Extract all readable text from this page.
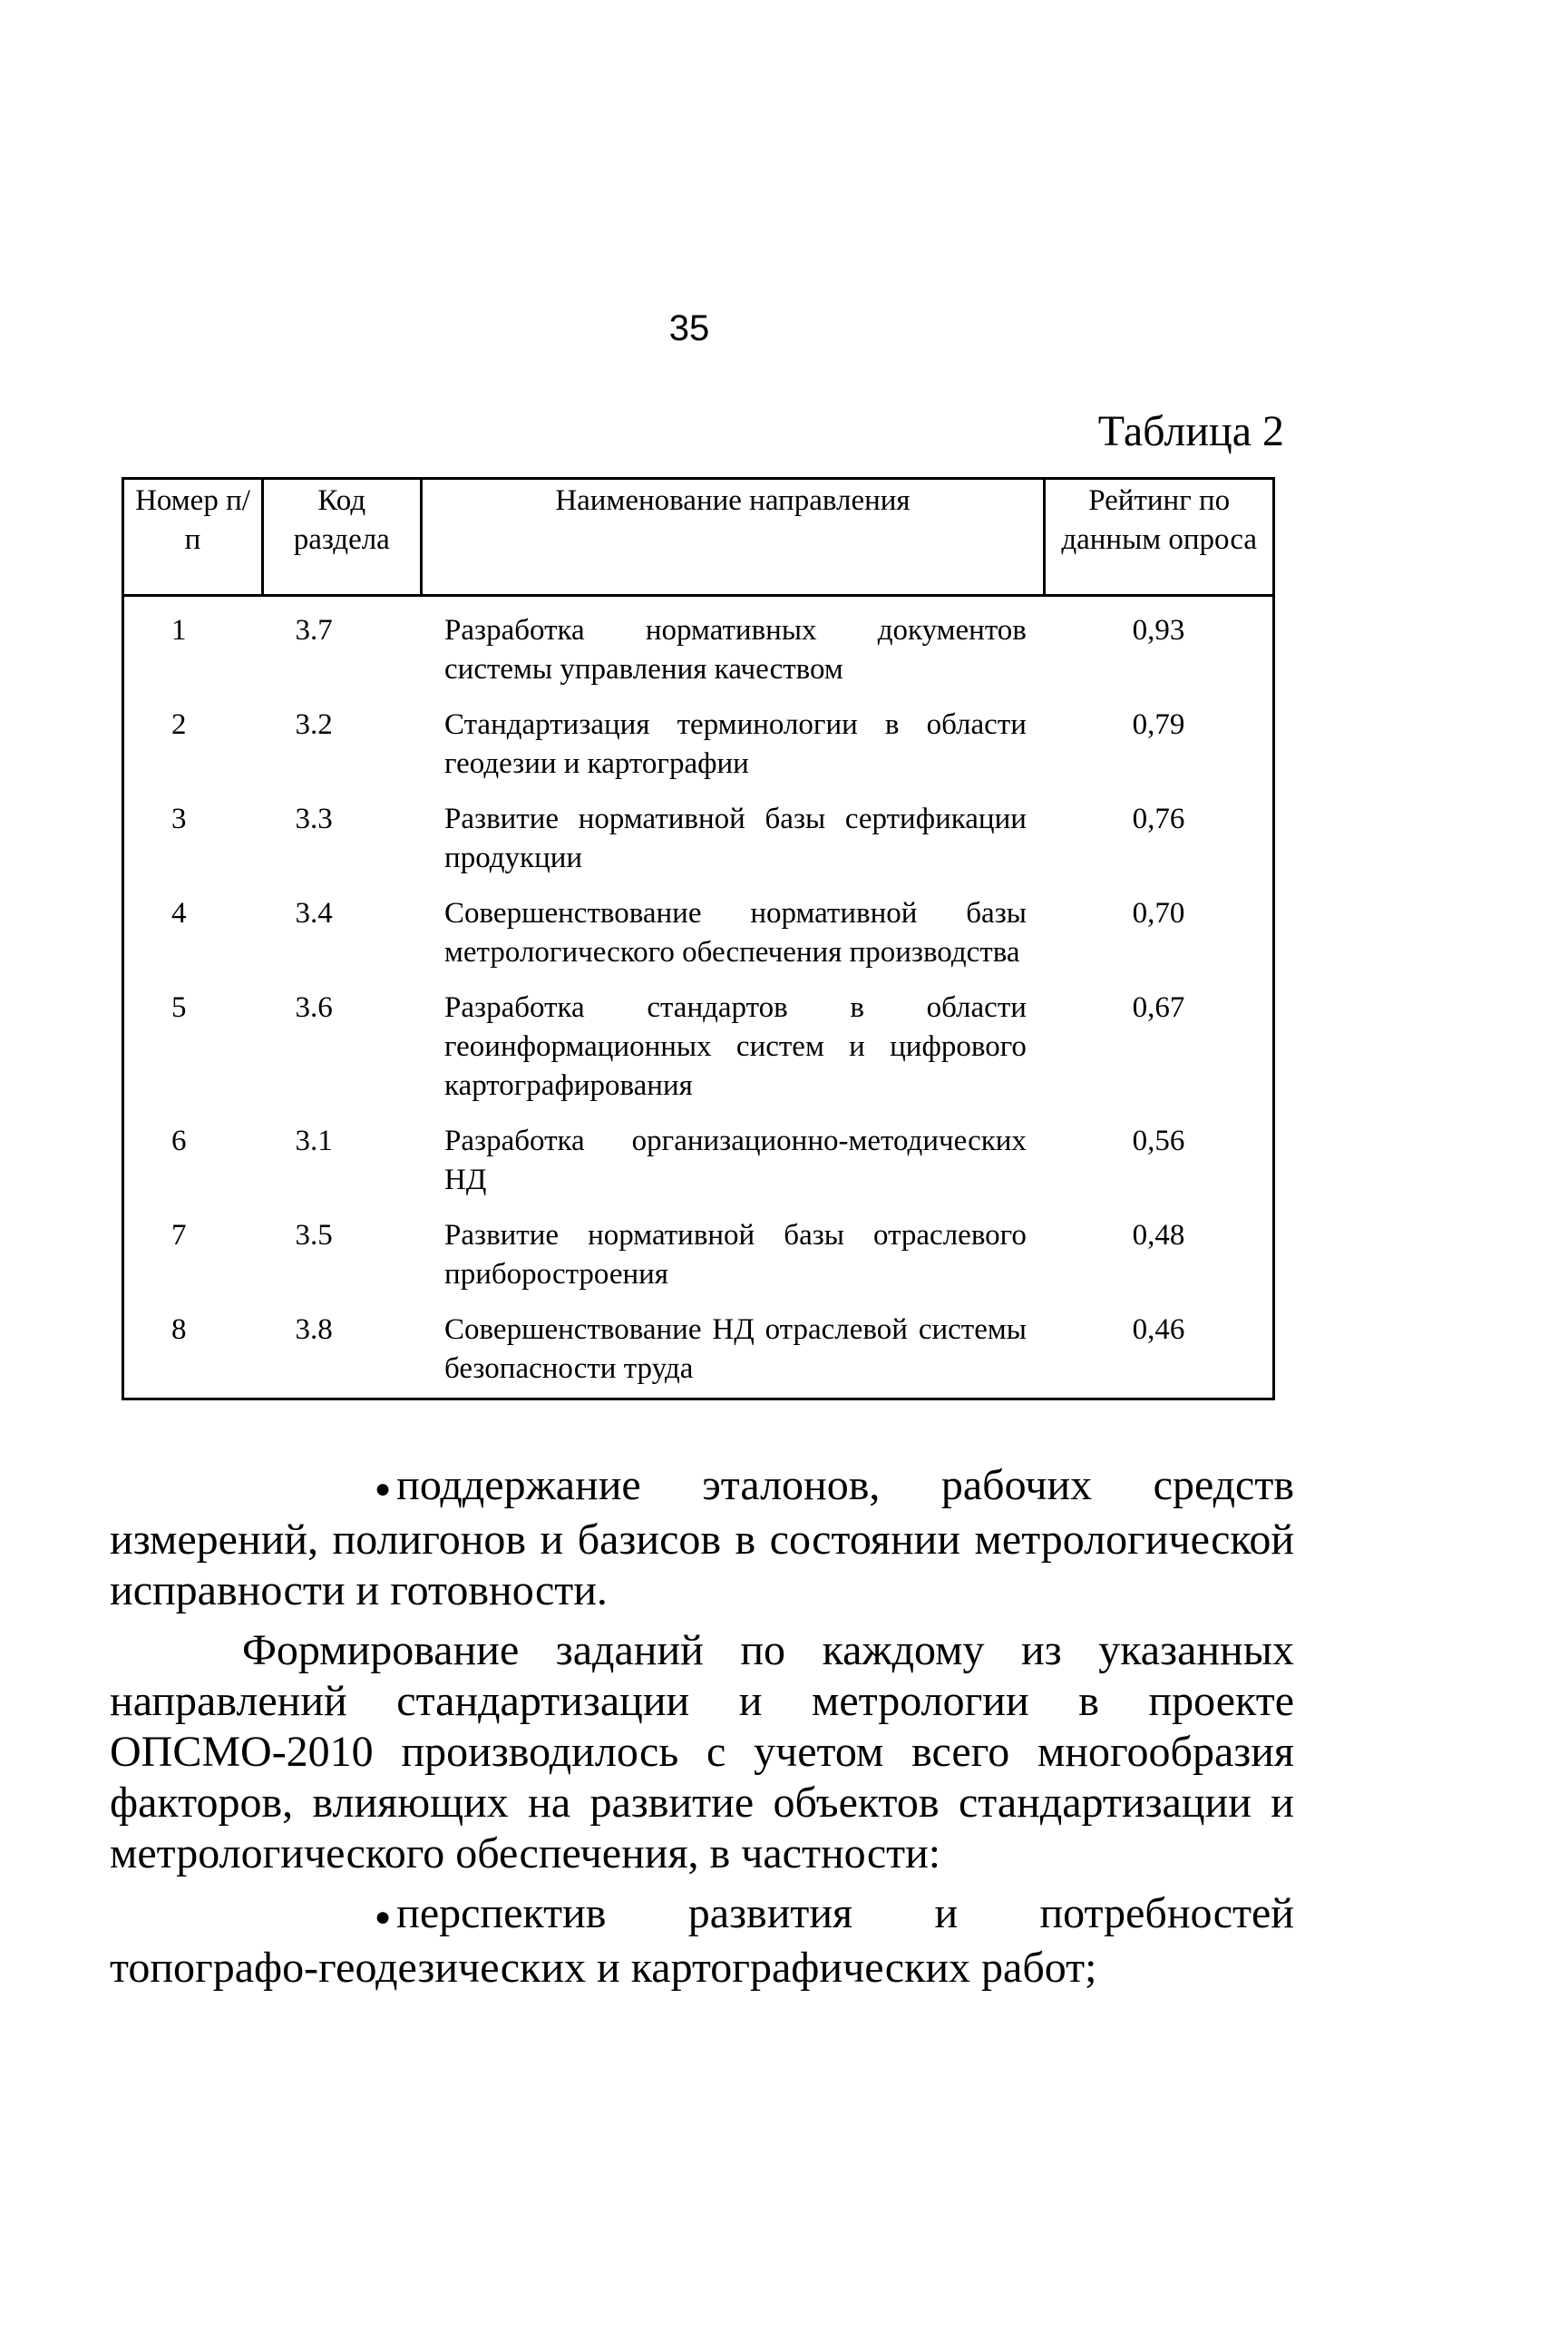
35
Таблица 2
Номер п/п	Код раздела	Наименование направления	Рейтинг по данным опроса
1	3.7	Разработка нормативных документов системы управления качеством	0,93
2	3.2	Стандартизация терминологии в области геодезии и картографии	0,79
3	3.3	Развитие нормативной базы сертификации продукции	0,76
4	3.4	Совершенствование нормативной базы метрологического обеспечения производства	0,70
5	3.6	Разработка стандартов в области геоинформационных систем и цифрового картографирования	0,67
6	3.1	Разработка организационно-методических НД	0,56
7	3.5	Развитие нормативной базы отраслевого приборостроения	0,48
8	3.8	Совершенствование НД отраслевой системы безопасности труда	0,46

● поддержание эталонов, рабочих средств измерений, полигонов и базисов в состоянии метрологической исправности и готовности.

Формирование заданий по каждому из указанных направлений стандартизации и метрологии в проекте ОПСМО-2010 производилось с учетом всего многообразия факторов, влияющих на развитие объектов стандартизации и метрологического обеспечения, в частности:

● перспектив развития и потребностей топографо-геодезических и картографических работ;
